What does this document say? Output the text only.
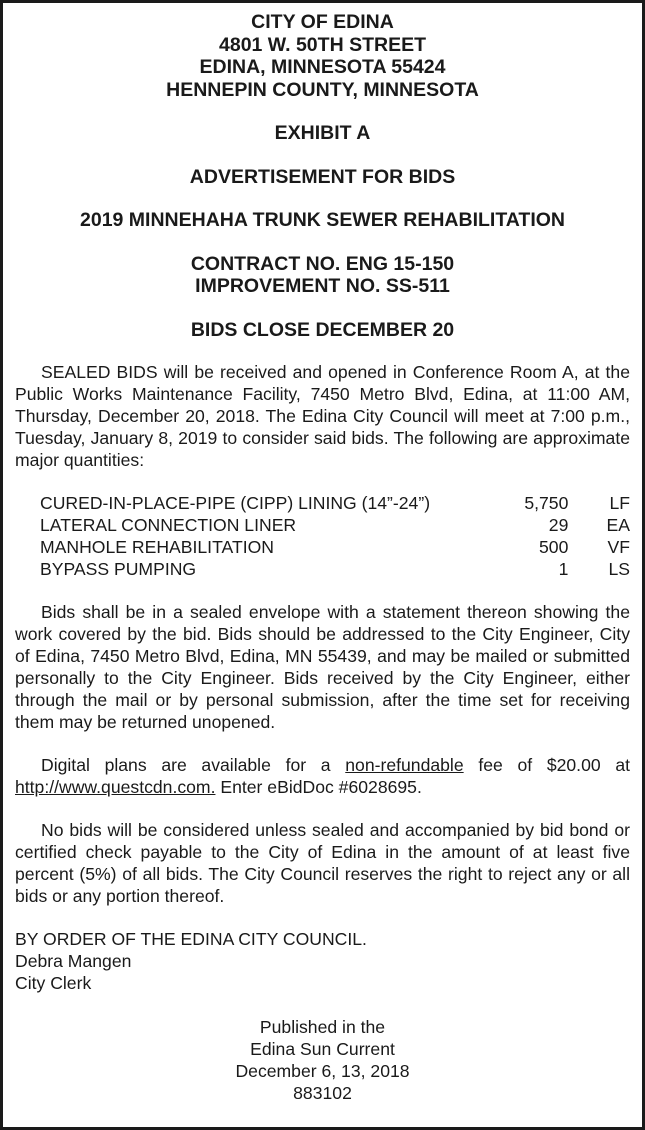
CITY OF EDINA

4801 W. 50TH STREET

EDINA, MINNESOTA 55424

HENNEPIN COUNTY, MINNESOTA

EXHIBIT A

ADVERTISEMENT FOR BIDS

2019 MINNEHAHA TRUNK SEWER REHABILITATION

CONTRACT NO. ENG 15-150

IMPROVEMENT NO. SS-511

BIDS CLOSE DECEMBER 20

SEALED BIDS will be received and opened in Conference Room A, at the Public Works Maintenance Facility, 7450 Metro Blvd, Edina, at 11:00 AM, Thursday, December 20, 2018. The Edina City Council will meet at 7:00 p.m., Tuesday, January 8, 2019 to consider said bids. The following are approximate major quantities:

CURED-IN-PLACE-PIPE (CIPP) LINING (14”-24”)	5,750	LF
LATERAL CONNECTION LINER	29	EA
MANHOLE REHABILITATION	500	VF
BYPASS PUMPING	1	LS

Bids shall be in a sealed envelope with a statement thereon showing the work covered by the bid. Bids should be addressed to the City Engineer, City of Edina, 7450 Metro Blvd, Edina, MN 55439, and may be mailed or submitted personally to the City Engineer. Bids received by the City Engineer, either through the mail or by personal submission, after the time set for receiving them may be returned unopened.

Digital plans are available for a non-refundable fee of $20.00 at http://www.questcdn.com. Enter eBidDoc #6028695.

No bids will be considered unless sealed and accompanied by bid bond or certified check payable to the City of Edina in the amount of at least five percent (5%) of all bids. The City Council reserves the right to reject any or all bids or any portion thereof.

BY ORDER OF THE EDINA CITY COUNCIL.

Debra Mangen

City Clerk

Published in the

Edina Sun Current

December 6, 13, 2018

883102
